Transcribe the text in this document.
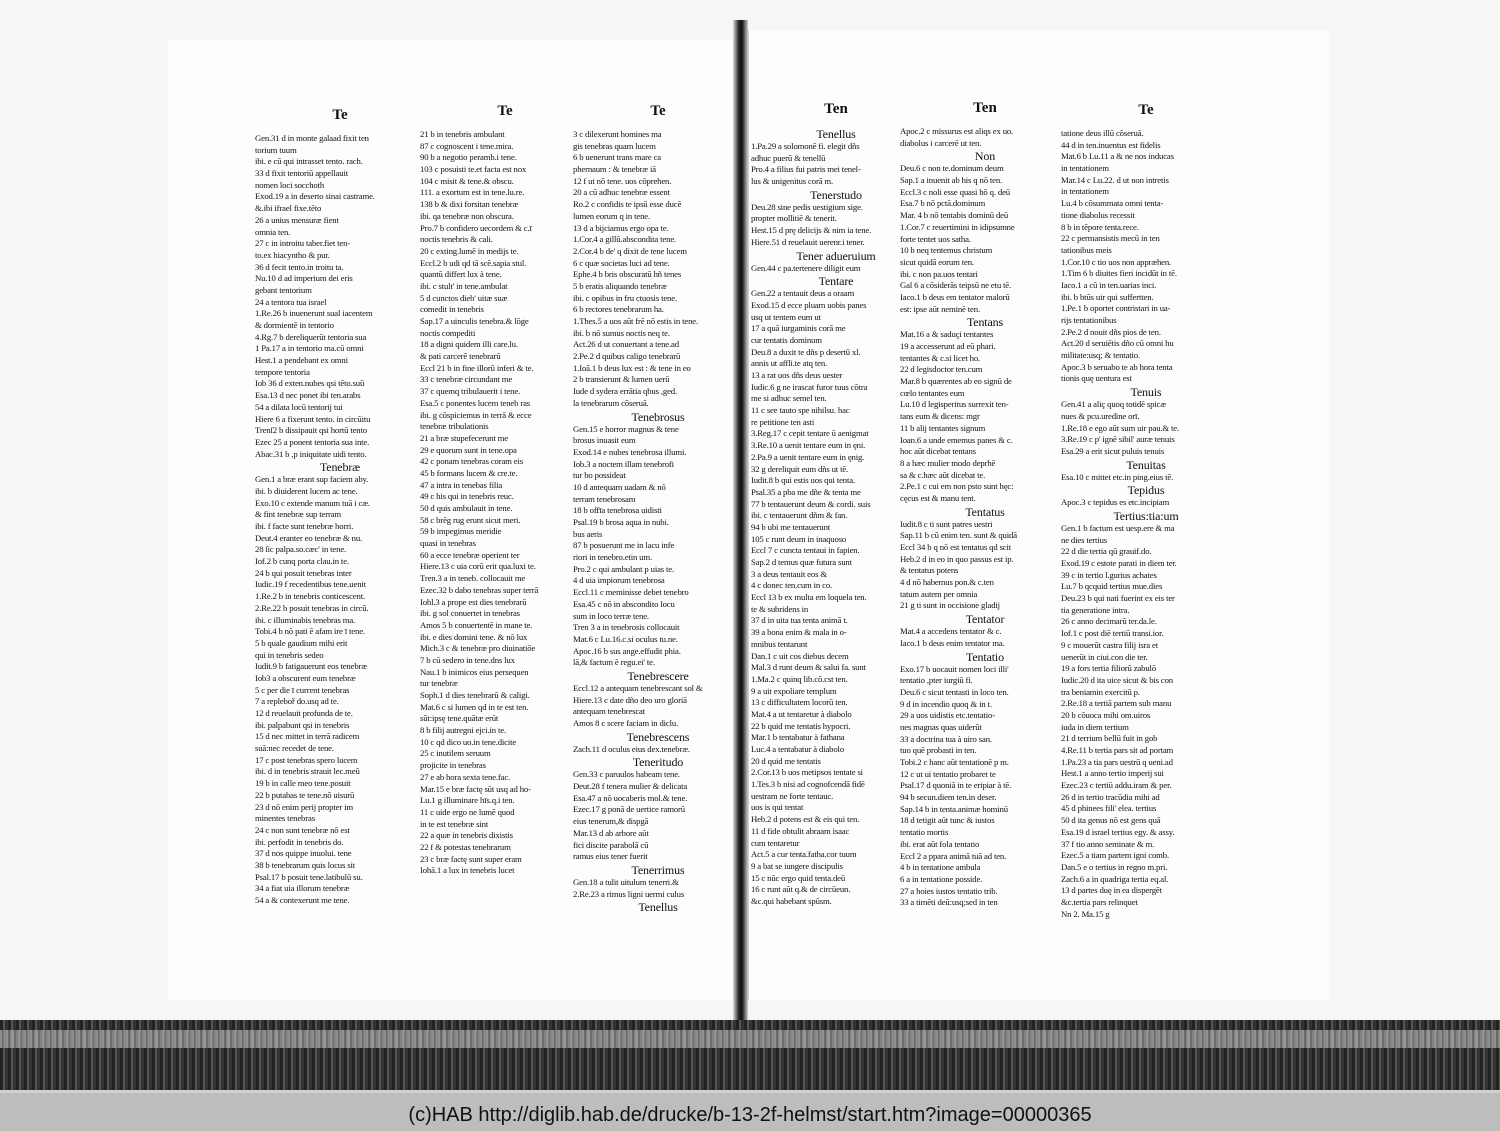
Te
Gen.31 d in monte galaad fixit ten
torium tuum
ibi. e cū qui intrasset tento. rach.
33 d fixit tentoriū appellauit
nomen loci socchoth
Exod.19 a in deserto sinai castrame.
&.ibi ifrael fixe.tēto
26 a unius mensuræ fient
omnia ten.
27 c in introitu taber.fiet ten-
to.ex hiacyntho & pur.
36 d fecit tento.in troitu ta.
Nu.10 d ad imperium dei eris
gebant tentorium
24 a tentora tua israel
1.Re.26 b inuenerunt sual iacentem
& dormientē in tentorio
4.Rg.7 b dereliquerūt tentoria sua
1 Pa.17 a in tentorio ma.cū omni
Hest.1 a pendebant ex omni
tempore tentoria
Iob 36 d exten.nubes qsi tēto.suū
Esa.13 d nec ponet ibi ten.arabs
54 a dilata locū tentorij tui
Hiere 6 a fixerunt tento. in circūitu
Trenſ2 b dissipauit qsi hortū tento
Ezec 25 a ponent tentoria sua inte.
Abac.31 b ,p iniquitate uidi tento.
Tenebræ
Gen.1 a bræ erant sup faciem aby.
ibi. b diuiderent lucem ac tene.
Exo.10 c extende manum tuā i cæ.
& fint tenebræ sup terram
ibi. f facte sunt tenebræ horri.
Deut.4 eranter eo tenebræ & nu.
28 ſic palpa.so.cæc' in tene.
Iof.2 b cunq porta clau.in te.
24 b qui posuit tenebras inter
Iudic.19 f recedentibus tene.uenit
1.Re.2 b in tenebris conticescent.
2.Re.22 b posuit tenebras in circū.
ibi. c illuminabis tenebras ma.
Tobi.4 b nō pati ē afam ire ī tene.
5 b quale gaudium mihi erit
qui in tenebris sedeo
Iudit.9 b fatigauerunt eos tenebræ
Iob3 a obscurent eum tenebræ
5 c per die ī current tenebras
7 a repleboř do.usq ad te.
12 d reuelauit profunda de te.
ibi. palpabunt qsi in tenebris
15 d nec mittet in terrā radicem
suā:nec recedet de tene.
17 c post tenebras spero lucem
ibi. d in tenebris strauit lec.meū
19 b in calle meo tene.posuit
22 b putabas te tene.nō uisurū
23 d nō enim perij propter im
minentes tenebras
24 c non sunt tenebræ nō est
ibi. perfodit in tenebris do.
37 d nos quippe inuolui. tene
38 b tenebrarum quis locus sit
Psal.17 b posuit tene.latibulū su.
34 a fiat uia illorum tenebræ
54 a & contexerunt me tene.
Te
21 b in tenebris ambulant
87 c cognoscent i tene.mira.
90 b a negotio peramb.i tene.
103 c posuisti te.et facta est nox
104 c misit & tene.& obscu.
111. a exortum est in tene.lu.re.
138 b & dixi forsitan tenebræ
ibi. qa tenebræ non obscura.
Pro.7 b confidero uecordem & c.ī
noctis tenebris & cali.
20 c exting.lumē in medijs te.
Eccl.2 b udi qd tā scē.sapia stul.
quantū differt lux à tene.
ibi. c stult' in tene.ambulat
5 d cunctos dieb' uitæ suæ
comedit in tenebris
Sap.17 a uinculis tenebra.& lōge
noctis compediti
18 a digni quidem illi care.lu.
& pati carcerē tenebrarū
Eccl 21 b in fine illorū inferi & te.
33 c tenebræ circundant me
37 c quemq tribulauerit i tene.
Esa.5 c ponentes lucem teneb ras
ibi. g cōspiciemus in terrā & ecce
tenebræ tribulationis
21 a bræ stupefecerunt me
29 e quorum sunt in tene.opa
42 c ponam tenebras coram eis
45 b formans lucem & cre.te.
47 a intra in tenebas filia
49 c his qui in tenebris reuc.
50 d quis ambulauit in tene.
58 c brēg rug erunt sicut meri.
59 b impegimus meridie
quasi in tenebras
60 a ecce tenebræ operient ter
Hiere.13 c uia corū erit qua.luxi te.
Tren.3 a in teneb. collocauit me
Ezec.32 b dabo tenebras super terrā
Iohl.3 a prope est dies tenebrarū
ibi. g sol conuertet in tenebras
Amos 5 b conuertentē in mane te.
ibi. e dies domini tene. & nō lux
Mich.3 c & tenebræ pro diuinatiōe
7 b cū sedero in tene.dns lux
Nau.1 b inimicos eius persequen
tur tenebræ
Soph.1 d dies tenebrarū & caligi.
Mat.6 c si lumen qd in te est ten.
sūt:ipsę tene.quātæ erūt
8 b filij autregni ejci.in te.
10 c qd dico uo.in tene.dicite
25 c inutilem seruum
projicite in tenebras
27 e ab hora sexta tene.fac.
Mar.15 e bræ factę sūt usq ad ho-
Lu.1 g illuminare hīs.q.i ten.
11 c uide ergo ne lumē quod
in te est tenebræ sint
22 a quæ in tenebris dixistis
22 f & potestas tenebrarum
23 c bræ factę sunt super eram
Iohā.1 a lux in tenebris lucet
Te
3 c dilexerunt homines ma
gis tenebras quam lucem
6 b uenerunt trans mare ca
phernaum : & tenebræ iā
12 f ut nō tene. uos cōprehen.
20 a cū adhuc tenebræ essent
Ro.2 c confidis te ipsū esse ducē
lumen eorum q in tene.
13 d a bijciamus ergo opa te.
1.Cor.4 a gillū.abscondita tene.
2.Cor.4 b de' q dixit de tene lucem
6 c quæ societas luci ad tene.
Ephe.4 b bris obscuratū hñ tenes
5 b eratis aliquando tenebræ
ibi. c opibus in fru ctuosis tene.
6 b rectores tenebrarum ha.
1.Thes.5 a uos aūt frē nō estis in tene.
ibi. b nō sumus noctis neq te.
Act.26 d ut conuertant a tene.ad
2.Pe.2 d quibus caligo tenebrarū
1.Ioā.1 b deus lux est : & tene in eo
2 b transierunt & lumen uerū
Iude d sydera errātia qbus ,ged.
la tenebrarum cōseruā.
Tenebrosus
Gen.15 e horror magnus & tene
brosus inuasit eum
Exod.14 e nubes tenebrosa illumi.
Iob.3 a noctem illam tenebrofi
tur bo possideat
10 d antequam uadam & nō
terram tenebrosam
18 b offīa tenebrosa uidisti
Psal.19 b brosa aqua in nubi.
bus aeris
87 b posuerunt me in lacu infe
riori in tenebro.etin um.
Pro.2 c qui ambulant p uias te.
4 d uia impiorum tenebrosa
Eccl.11 c meminisse debet tenebro
Esa.45 c nō in abscondito locu
sum in loco terræ tene.
Tren 3 a in tenebrosis collocauit
Mat.6 c Lu.16.c.si oculus tu.ne.
Apoc.16 b sus ange.effudit phia.
lā,& factum ē regu.ei' te.
Tenebrescere
Eccl.12 a antequam tenebrescant sol &
Hiere.13 c date dño deo uro gloriā
antequam tenebrescat
Amos 8 c scere faciam in diclu.
Tenebrescens
Zach.11 d oculus eius dex.tenebræ.
Teneritudo
Gen.33 c paruulos habeam tene.
Deut.28 f tenera mulier & delicata
Esa.47 a nō uocaberis mol.& tene.
Ezec.17 g ponā de uertice ramorū
eius tenerum,& dispgā
Mar.13 d ab arbore aūt
fici discite parabolā cū
ramus eius tener fuerit
Tenerrimus
Gen.18 a tulit uitulum tenerri.&
2.Re.23 a rimus ligni uermi culus
Tenellus
Ten
Tenellus
1.Pa.29 a solomonē fi. elegit dñs
adhuc puerū & tenellū
Pro.4 a filius fui patris mei tenel-
lus & unigenitus corā m.
Tenerstudo
Deu.28 sine pedis uestigium sige.
propter mollitiē & tenerit.
Hest.15 d prę delicijs & nim ia tene.
Hiere.51 d reuelauit uerenr.i tener.
Tener adueruium
Gen.44 c pa.tertenere diligit eum
Tentare
Gen.22 a tentauit deus a oraam
Exod.15 d ecce pluam uobis panes
usq ut tentem eum ut
17 a quā iurgaminis corā me
cur tentatis dominum
Deu.8 a duxit te dñs p desertū xl.
annis ut affli.te atq ten.
13 a rat uos dñs deus uester
Iudic.6 g ne irascat furor tuus cōtra
me si adhuc semel ten.
11 c see tauto spe nihilsu. hac
re petitione ten asti
3.Reg.17 c cepit tentare ū aenigmat
3.Re.10 a uenit tentare eum in ęni.
2.Pa.9 a uenit tentare eum in ęnig.
32 g dereliquit eum dñs ut tē.
Iudit.8 b qui estis uos qui tenta.
Psal.35 a pba me dñe & tenta me
77 b tentauerunt deum & cordi. suis
ibi. c tentauerunt dñm & fan.
94 b ubi me tentauerunt
105 c runt deum in inaquoso
Eccl 7 c cuncta tentaui in fapien.
Sap.2 d temus quæ futura sunt
3 a deus tentauit eos &
4 c donec ten.cum in co.
Eccl 13 b ex multa em loquela ten.
te & subridens in
37 d in uita tua tenta animā t.
39 a bona enim & mala in o-
mnibus tentarunt
Dan.1 c uit cos diebus decem
Mal.3 d runt deum & salui fa. sunt
1.Ma.2 c quinq lib.cō.cst ten.
9 a uit expoliare templum
13 c difficultatem locorū ten.
Mat.4 a ut tentaretur à diabolo
22 b quid me tentatis hypocri.
Mar.1 b tentabatur à fathana
Luc.4 a tentabatur à diabolo
20 d quid me tentatis
2.Cor.13 b uos metipsos tentate si
1.Tes.3 b nisi ad cognofcendā fidē
uestram ne forte tentauc.
uos is qui tentat
Heb.2 d potens est & eis qui ten.
11 d fide obtulit abraam isaac
cum tentaretur
Act.5 a cur tenta.fatha.cor tuum
9 a bat se iungere discipulis
15 c nūc ergo quid tenta.deū
16 c runt aūt q.& de circūeun.
&c.qui habebant spūsm.
Ten
Apoc.2 c missurus est aliqs ex uo.
diabolus i carcerē ut ten.
Non
Deu.6 c non te.dominum deum
Sap.1 a inuenit ab his q nō ten.
Eccl.3 c noli esse quasi hō q. deū
Esa.7 b nō pctā.dominum
Mar. 4 b nō tentabis dominū deū
1.Cor.7 c reuertimini in idipsumne
forte tentet uos satha.
10 b neq tentemus christum
sicut quidā eorum ten.
ibi. c non pa.uos tentari
Gal 6 a cōsiderās teipsū ne etu tē.
Iaco.1 b deus em tentator malorū
est: ipse aūt neminē ten.
Tentans
Mat.16 a & saduçi tentantes
19 a accesserunt ad eū phari.
tentantes & c.si licet ho.
22 d legisdoctor ten.cum
Mar.8 b quærentes ab eo signū de
cœlo tentantes eum
Lu.10 d legisperitus surrexit ten-
tans eum & dicens: mgr
11 b alij tentantes signum
Ioan.6 a unde ememus panes & c.
hoc aūt dicebat tentans
8 a hæc mulier modo deprhē
sa & c.hæc aūt dicebat te.
2.Pe.1 c cui em non psto sunt hęc:
cęcus est & manu tent.
Tentatus
Iudit.8 c ti sunt patres uestri
Sap.11 b cū enim ten. sunt & quidā
Eccl 34 b q nō est tentatus qd scit
Heb.2 d in eo in quo passus est ip.
& tentatus potens
4 d nō habemus pon.& c.ten
tatum autem per omnia
21 g ti sunt in occisione gladij
Tentator
Mat.4 a accedens tentator & c.
Iaco.1 b deus enim tentator ma.
Tentatio
Exo.17 b uocauit nomen loci illi'
tentatio ,pter iurgiū fi.
Deu.6 c sicut tentasti in loco ten.
9 d in incendio quoq & in t.
29 a uos uidistis etc.tentatio-
nes magnas quas uiderūt
33 a doctrina tua à uiro san.
tuo quē probasti in ten.
Tobi.2 c hanc aūt tentationē p m.
12 c ut ui tentatio probaret te
Psal.17 d quoniā in te eripiar à tē.
94 b secun.diem ten.in deser.
Sap.14 b in tenta.animæ hominū
18 d tetigit aūt tunc & iustos
tentatio mortis
ibi. erat aūt fola tentatio
Eccl 2 a ppara animā tuā ad ten.
4 b in tentatione ambula
6 a in tentatione posside.
27 a hoies iustos tentatio trib.
33 a timēti deū:usq;sed in ten
Te
tatione deus illū cōseruā.
44 d in ten.inuentus est fidelis
Mat.6 b Lu.11 a & ne nos inducas
in tentationem
Mar.14 c Lu.22. d ut non intretis
in tentationem
Lu.4 b cōsummata omni tenta-
tione diabolus recessit
8 b in tēpore tenta.rece.
22 c permansistis mecū in ten
tationibus meis
1.Cor.10 c tio uos non appræhen.
1.Tim 6 b diuites fieri incidūt in tē.
Iaco.1 a cū in ten.uarias inci.
ibi. b btūs uir qui suffertten.
1.Pe.1 b oportet contristari in ua-
rijs tentationibus
2.Pe.2 d nouit dñs pios de ten.
Act.20 d seruiētis dño cū omni hu
militate:usq; & tentatio.
Apoc.3 b seruabo te ab hora tenta
tionis quę uentura est
Tenuis
Gen.41 a aliç quoq totidē spicæ
nues & pcu.uredine orī.
1.Re.18 e ego aūt sum uir pau.& te.
3.Re.19 c p' ignē sibil' auræ tenuis
Esa.29 a erit sicut puluis tenuis
Tenuitas
Esa.10 c mittet etc.in ping.eius tē.
Tepidus
Apoc.3 c tepidus es etc.incipiam
Tertius:tia:um
Gen.1 b factum est uesp.ere & ma
ne dies tertius
22 d die tertia qū grauif.do.
Exod.19 c estote parati in diem ter.
39 c in tertio l.gurius achates
Lu.7 b qcquid tertius mue.dies
Deu.23 b qui nati fuerint ex eis ter
tia generatione intra.
26 c anno decimarū ter.da.le.
Iof.1 c post diē tertiū transi.ior.
9 c mouerūt castra filij isra et
uenerūt in ciui.con die ter.
19 a fors tertia filiorū zabulō
Iudic.20 d ita uice sicut & bis con
tra beniamin exercitū p.
2.Re.18 a tertiā partem sub manu
20 b cōuoca mihi om.uiros
iuda in diem tertium
21 d terrium bellū fuit in gob
4.Re.11 b tertia pars sit ad portam
1.Pa.23 a tia pars uestrū q ueni.ad
Hest.1 a anno tertio imperij sui
Ezec.23 c tertiū addu.iram & per.
26 d in tertio tracūdia mihi ad
45 d phinees fili' elea. tertius
50 d ita genus nō est gens quā
Esa.19 d israel tertius egy. & assy.
37 f tio anno seminate & m.
Ezec.5 a tiam partem igni comb.
Dan.5 e o tertius in regno m.pri.
Zach.6 a in quadriga tertia eq.al.
13 d partes duę in ea dispergēt
&c.tertia pars relinquet
Nn 2. Ma.15 g
(c)HAB http://diglib.hab.de/drucke/b-13-2f-helmst/start.htm?image=00000365
